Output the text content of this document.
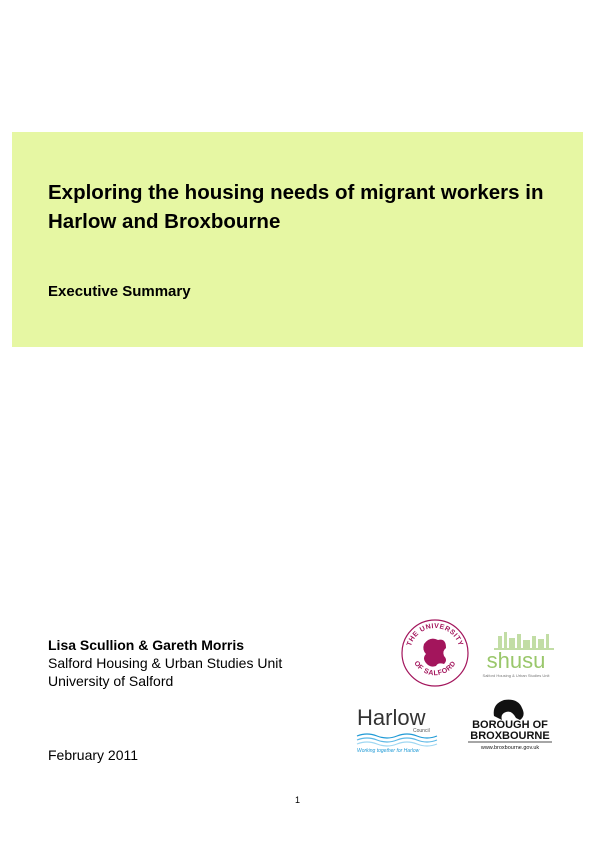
Exploring the housing needs of migrant workers in Harlow and Broxbourne
Executive Summary
Lisa Scullion & Gareth Morris
Salford Housing & Urban Studies Unit
University of Salford
February 2011
1
THE UNIVERSITY
OF SALFORD shusu
Salford Housing & Urban Studies Unit
Harlow
Council
Working together for Harlow
BOROUGH OF
BROXBOURNE
www.broxbourne.gov.uk
